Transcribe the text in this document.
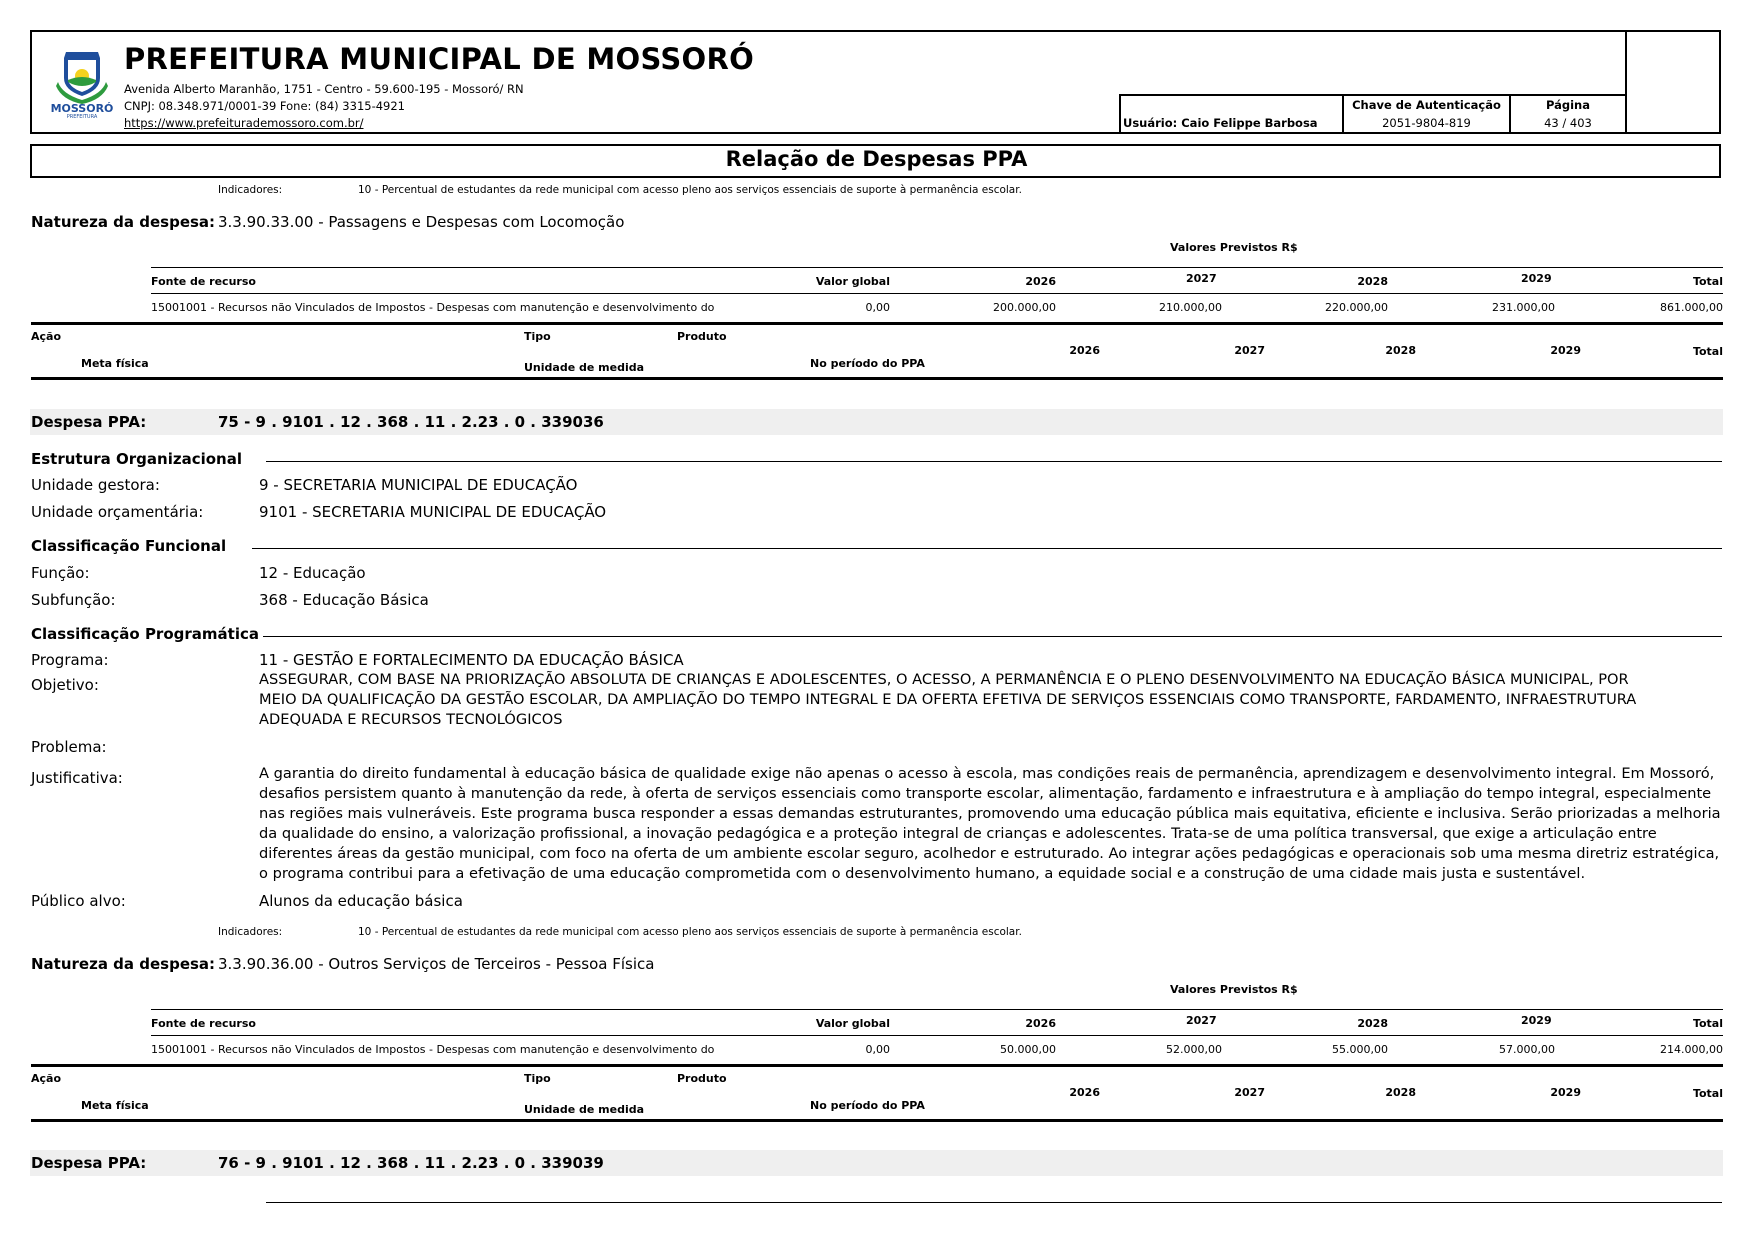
MOSSORÓ
PREFEITURA
PREFEITURA MUNICIPAL DE MOSSORÓ
Avenida Alberto Maranhão, 1751 - Centro - 59.600-195 - Mossoró/ RN
CNPJ: 08.348.971/0001-39 Fone: (84) 3315-4921
https://www.prefeiturademossoro.com.br/	Usuário: Caio Felippe Barbosa
Chave de Autenticação
2051-9804-819
Página
43 / 403
Relação de Despesas PPA
Indicadores:	10 - Percentual de estudantes da rede municipal com acesso pleno aos serviços essenciais de suporte à permanência escolar.
Natureza da despesa: 3.3.90.33.00 - Passagens e Despesas com Locomoção
Valores Previstos R$
Fonte de recurso	Valor global	2026	2027	2028	2029	Total
15001001 - Recursos não Vinculados de Impostos - Despesas com manutenção e desenvolvimento do	0,00	200.000,00	210.000,00	220.000,00	231.000,00	861.000,00
Ação	Tipo	Produto
Meta física	Unidade de medida	No período do PPA
2026	2027	2028	2029	Total
Despesa PPA:	75 - 9 . 9101 . 12 . 368 . 11 . 2.23 . 0 . 339036
Estrutura Organizacional
Unidade gestora:	9 - SECRETARIA MUNICIPAL DE EDUCAÇÃO
Unidade orçamentária:	9101 - SECRETARIA MUNICIPAL DE EDUCAÇÃO
Classificação Funcional
Função:	12 - Educação
Subfunção:	368 - Educação Básica
Classificação Programática
Programa:	11 - GESTÃO E FORTALECIMENTO DA EDUCAÇÃO BÁSICA
Objetivo:	ASSEGURAR, COM BASE NA PRIORIZAÇÃO ABSOLUTA DE CRIANÇAS E ADOLESCENTES, O ACESSO, A PERMANÊNCIA E O PLENO DESENVOLVIMENTO NA EDUCAÇÃO BÁSICA MUNICIPAL, POR
MEIO DA QUALIFICAÇÃO DA GESTÃO ESCOLAR, DA AMPLIAÇÃO DO TEMPO INTEGRAL E DA OFERTA EFETIVA DE SERVIÇOS ESSENCIAIS COMO TRANSPORTE, FARDAMENTO, INFRAESTRUTURA
ADEQUADA E RECURSOS TECNOLÓGICOS
Problema:
Justificativa:	A garantia do direito fundamental à educação básica de qualidade exige não apenas o acesso à escola, mas condições reais de permanência, aprendizagem e desenvolvimento integral. Em Mossoró,
desafios persistem quanto à manutenção da rede, à oferta de serviços essenciais como transporte escolar, alimentação, fardamento e infraestrutura e à ampliação do tempo integral, especialmente
nas regiões mais vulneráveis. Este programa busca responder a essas demandas estruturantes, promovendo uma educação pública mais equitativa, eficiente e inclusiva. Serão priorizadas a melhoria
da qualidade do ensino, a valorização profissional, a inovação pedagógica e a proteção integral de crianças e adolescentes. Trata-se de uma política transversal, que exige a articulação entre
diferentes áreas da gestão municipal, com foco na oferta de um ambiente escolar seguro, acolhedor e estruturado. Ao integrar ações pedagógicas e operacionais sob uma mesma diretriz estratégica,
o programa contribui para a efetivação de uma educação comprometida com o desenvolvimento humano, a equidade social e a construção de uma cidade mais justa e sustentável.
Público alvo:	Alunos da educação básica
Indicadores:	10 - Percentual de estudantes da rede municipal com acesso pleno aos serviços essenciais de suporte à permanência escolar.
Natureza da despesa: 3.3.90.36.00 - Outros Serviços de Terceiros - Pessoa Física
Valores Previstos R$
Fonte de recurso	Valor global	2026	2027	2028	2029	Total
15001001 - Recursos não Vinculados de Impostos - Despesas com manutenção e desenvolvimento do	0,00	50.000,00	52.000,00	55.000,00	57.000,00	214.000,00
Ação	Tipo	Produto
Meta física	Unidade de medida	No período do PPA
2026	2027	2028	2029	Total
Despesa PPA:	76 - 9 . 9101 . 12 . 368 . 11 . 2.23 . 0 . 339039
